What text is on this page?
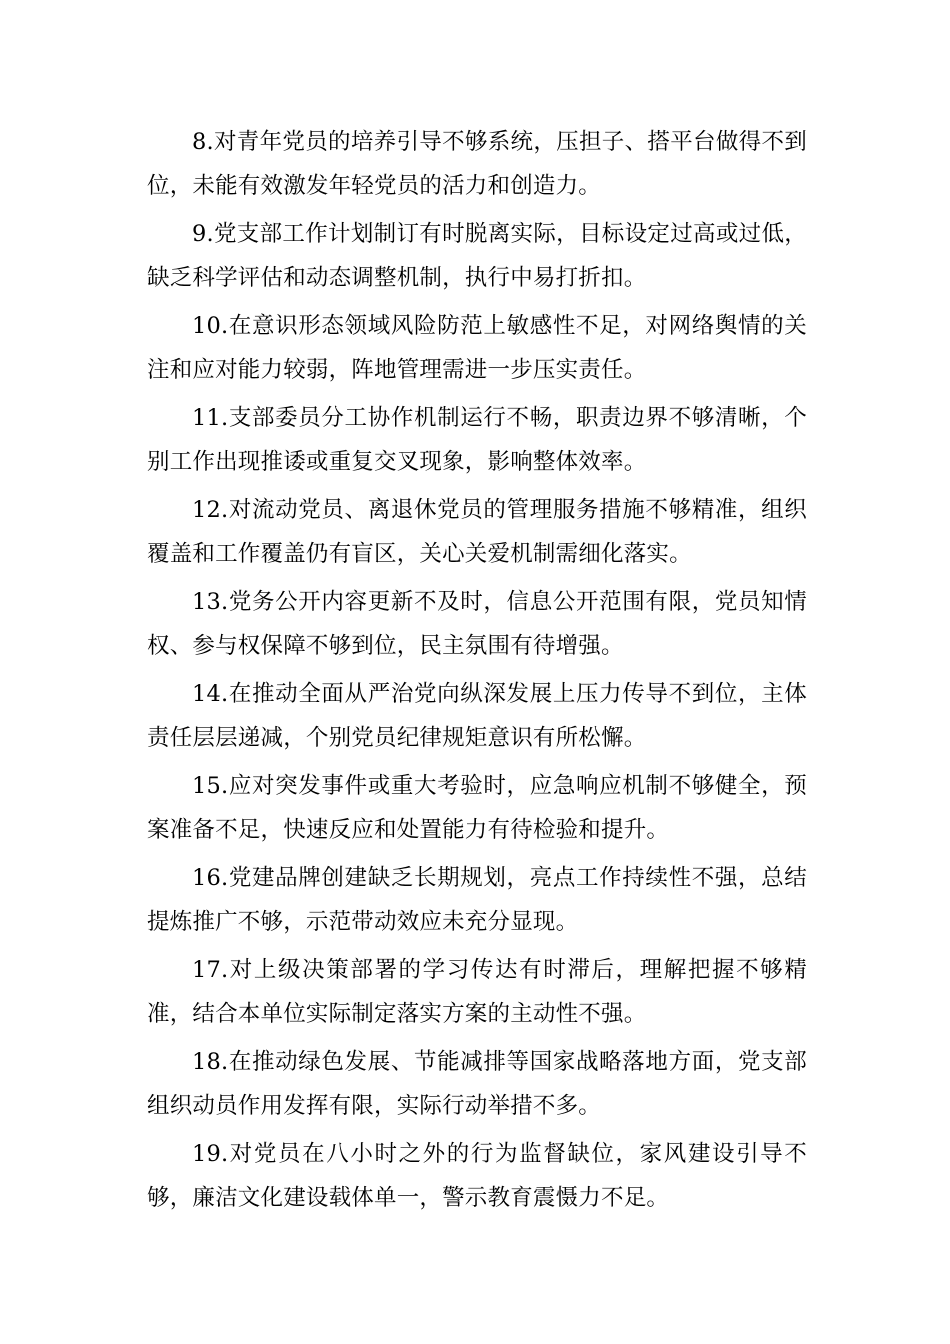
8.对青年党员的培养引导不够系统，压担子、搭平台做得不到位，未能有效激发年轻党员的活力和创造力。

9.党支部工作计划制订有时脱离实际，目标设定过高或过低，缺乏科学评估和动态调整机制，执行中易打折扣。

10.在意识形态领域风险防范上敏感性不足，对网络舆情的关注和应对能力较弱，阵地管理需进一步压实责任。

11.支部委员分工协作机制运行不畅，职责边界不够清晰，个别工作出现推诿或重复交叉现象，影响整体效率。

12.对流动党员、离退休党员的管理服务措施不够精准，组织覆盖和工作覆盖仍有盲区，关心关爱机制需细化落实。

13.党务公开内容更新不及时，信息公开范围有限，党员知情权、参与权保障不够到位，民主氛围有待增强。

14.在推动全面从严治党向纵深发展上压力传导不到位，主体责任层层递减，个别党员纪律规矩意识有所松懈。

15.应对突发事件或重大考验时，应急响应机制不够健全，预案准备不足，快速反应和处置能力有待检验和提升。

16.党建品牌创建缺乏长期规划，亮点工作持续性不强，总结提炼推广不够，示范带动效应未充分显现。

17.对上级决策部署的学习传达有时滞后，理解把握不够精准，结合本单位实际制定落实方案的主动性不强。

18.在推动绿色发展、节能减排等国家战略落地方面，党支部组织动员作用发挥有限，实际行动举措不多。

19.对党员在八小时之外的行为监督缺位，家风建设引导不够，廉洁文化建设载体单一，警示教育震慑力不足。
